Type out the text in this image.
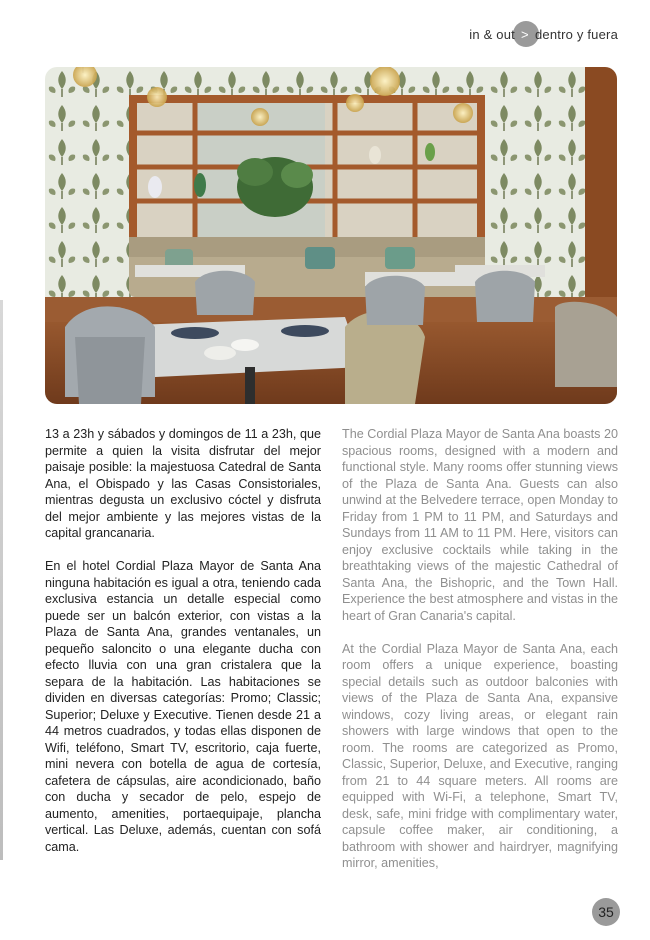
in & out > dentro y fuera

13 a 23h y sábados y domingos de 11 a 23h, que permite a quien la visita disfrutar del mejor paisaje posible: la majestuosa Catedral de Santa Ana, el Obispado y las Casas Consistoriales, mientras degusta un exclusivo cóctel y disfruta del mejor ambiente y las mejores vistas de la capital grancanaria.

En el hotel Cordial Plaza Mayor de Santa Ana ninguna habitación es igual a otra, teniendo cada exclusiva estancia un detalle especial como puede ser un balcón exterior, con vistas a la Plaza de Santa Ana, grandes ventanales, un pequeño saloncito o una elegante ducha con efecto lluvia con una gran cristalera que la separa de la habitación. Las habitaciones se dividen en diversas categorías: Promo; Classic; Superior; Deluxe y Executive. Tienen desde 21 a 44 metros cuadrados, y todas ellas disponen de Wifi, teléfono, Smart TV, escritorio, caja fuerte, mini nevera con botella de agua de cortesía, cafetera de cápsulas, aire acondicionado, baño con ducha y secador de pelo, espejo de aumento, amenities, portaequipaje, plancha vertical. Las Deluxe, además, cuentan con sofá cama.

The Cordial Plaza Mayor de Santa Ana boasts 20 spacious rooms, designed with a modern and functional style. Many rooms offer stunning views of the Plaza de Santa Ana. Guests can also unwind at the Belvedere terrace, open Monday to Friday from 1 PM to 11 PM, and Saturdays and Sundays from 11 AM to 11 PM. Here, visitors can enjoy exclusive cocktails while taking in the breathtaking views of the majestic Cathedral of Santa Ana, the Bishopric, and the Town Hall. Experience the best atmosphere and vistas in the heart of Gran Canaria's capital.

At the Cordial Plaza Mayor de Santa Ana, each room offers a unique experience, boasting special details such as outdoor balconies with views of the Plaza de Santa Ana, expansive windows, cozy living areas, or elegant rain showers with large windows that open to the room. The rooms are categorized as Promo, Classic, Superior, Deluxe, and Executive, ranging from 21 to 44 square meters. All rooms are equipped with Wi-Fi, a telephone, Smart TV, desk, safe, mini fridge with complimentary water, capsule coffee maker, air conditioning, a bathroom with shower and hairdryer, magnifying mirror, amenities,

35
